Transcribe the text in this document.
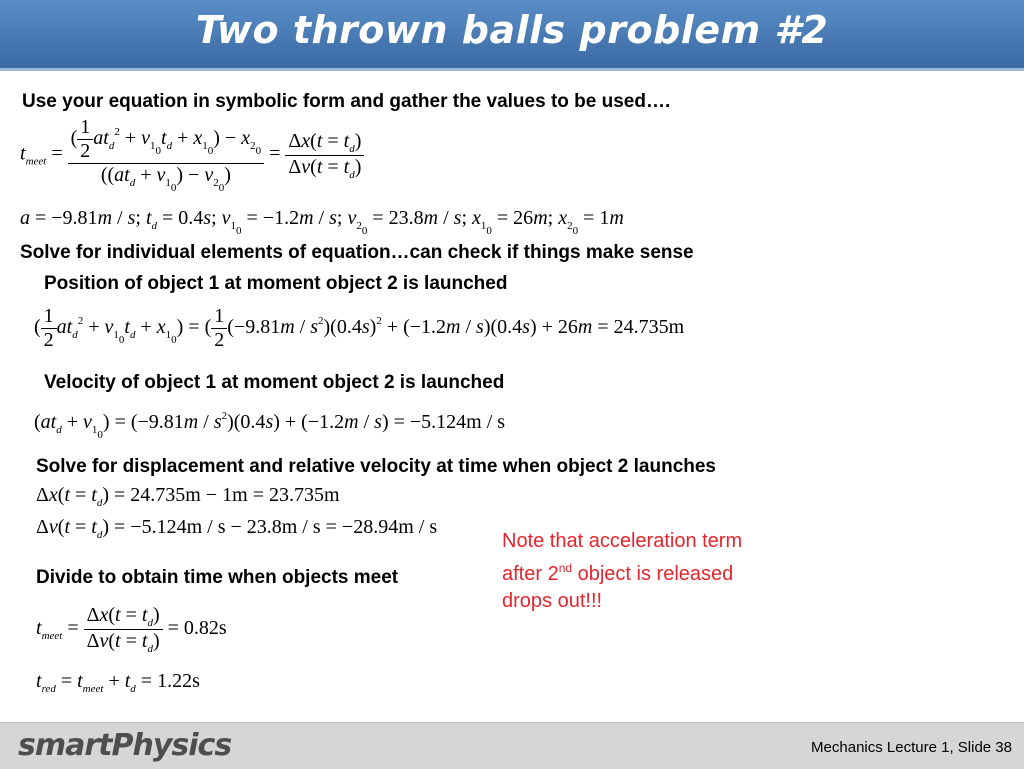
Two thrown balls problem #2
Use your equation in symbolic form and gather the values to be used….
$t_{meet} = \frac{( \frac{1}{2} at_d^2 + v_{1_0}t_d + x_{1_0}) - x_{2_0}}{((at_d + v_{1_0}) - v_{2_0})} = \frac{\Delta x(t = t_d)}{\Delta v(t = t_d)}$
a = −9.81m / s; $t_d = 0.4s$; $v_{1_0} = -1.2m / s$; $v_{2_0} = 23.8m / s$; $x_{1_0} = 26m$; $x_{2_0} = 1m$
Solve for individual elements of equation…can check if things make sense
Position of object 1 at moment object 2 is launched
( $\frac{1}{2} at_d^2 + v_{1_0}t_d + x_{1_0}$) = ( $\frac{1}{2} (-9.81m / s^2)(0.4s)^2 + (-1.2m / s)(0.4s) + 26m = 24.735m$
Velocity of object 1 at moment object 2 is launched
$(at_d + v_{1_0}) = (-9.81m / s^2)(0.4s) + (-1.2m / s) = -5.124m / s$
Solve for displacement and relative velocity at time when object 2 launches
$\Delta x(t = t_d) = 24.735m - 1m = 23.735m$
$\Delta v(t = t_d) = -5.124m / s - 23.8m / s = -28.94m / s$
Note that acceleration term
after 2nd object is released
drops out!!!
Divide to obtain time when objects meet
$t_{meet} = \frac{\Delta x(t = t_d)}{\Delta v(t = t_d)} = 0.82s$
$t_{red} = t_{meet} + t_d = 1.22s$
smartPhysics	Mechanics Lecture 1, Slide 38
